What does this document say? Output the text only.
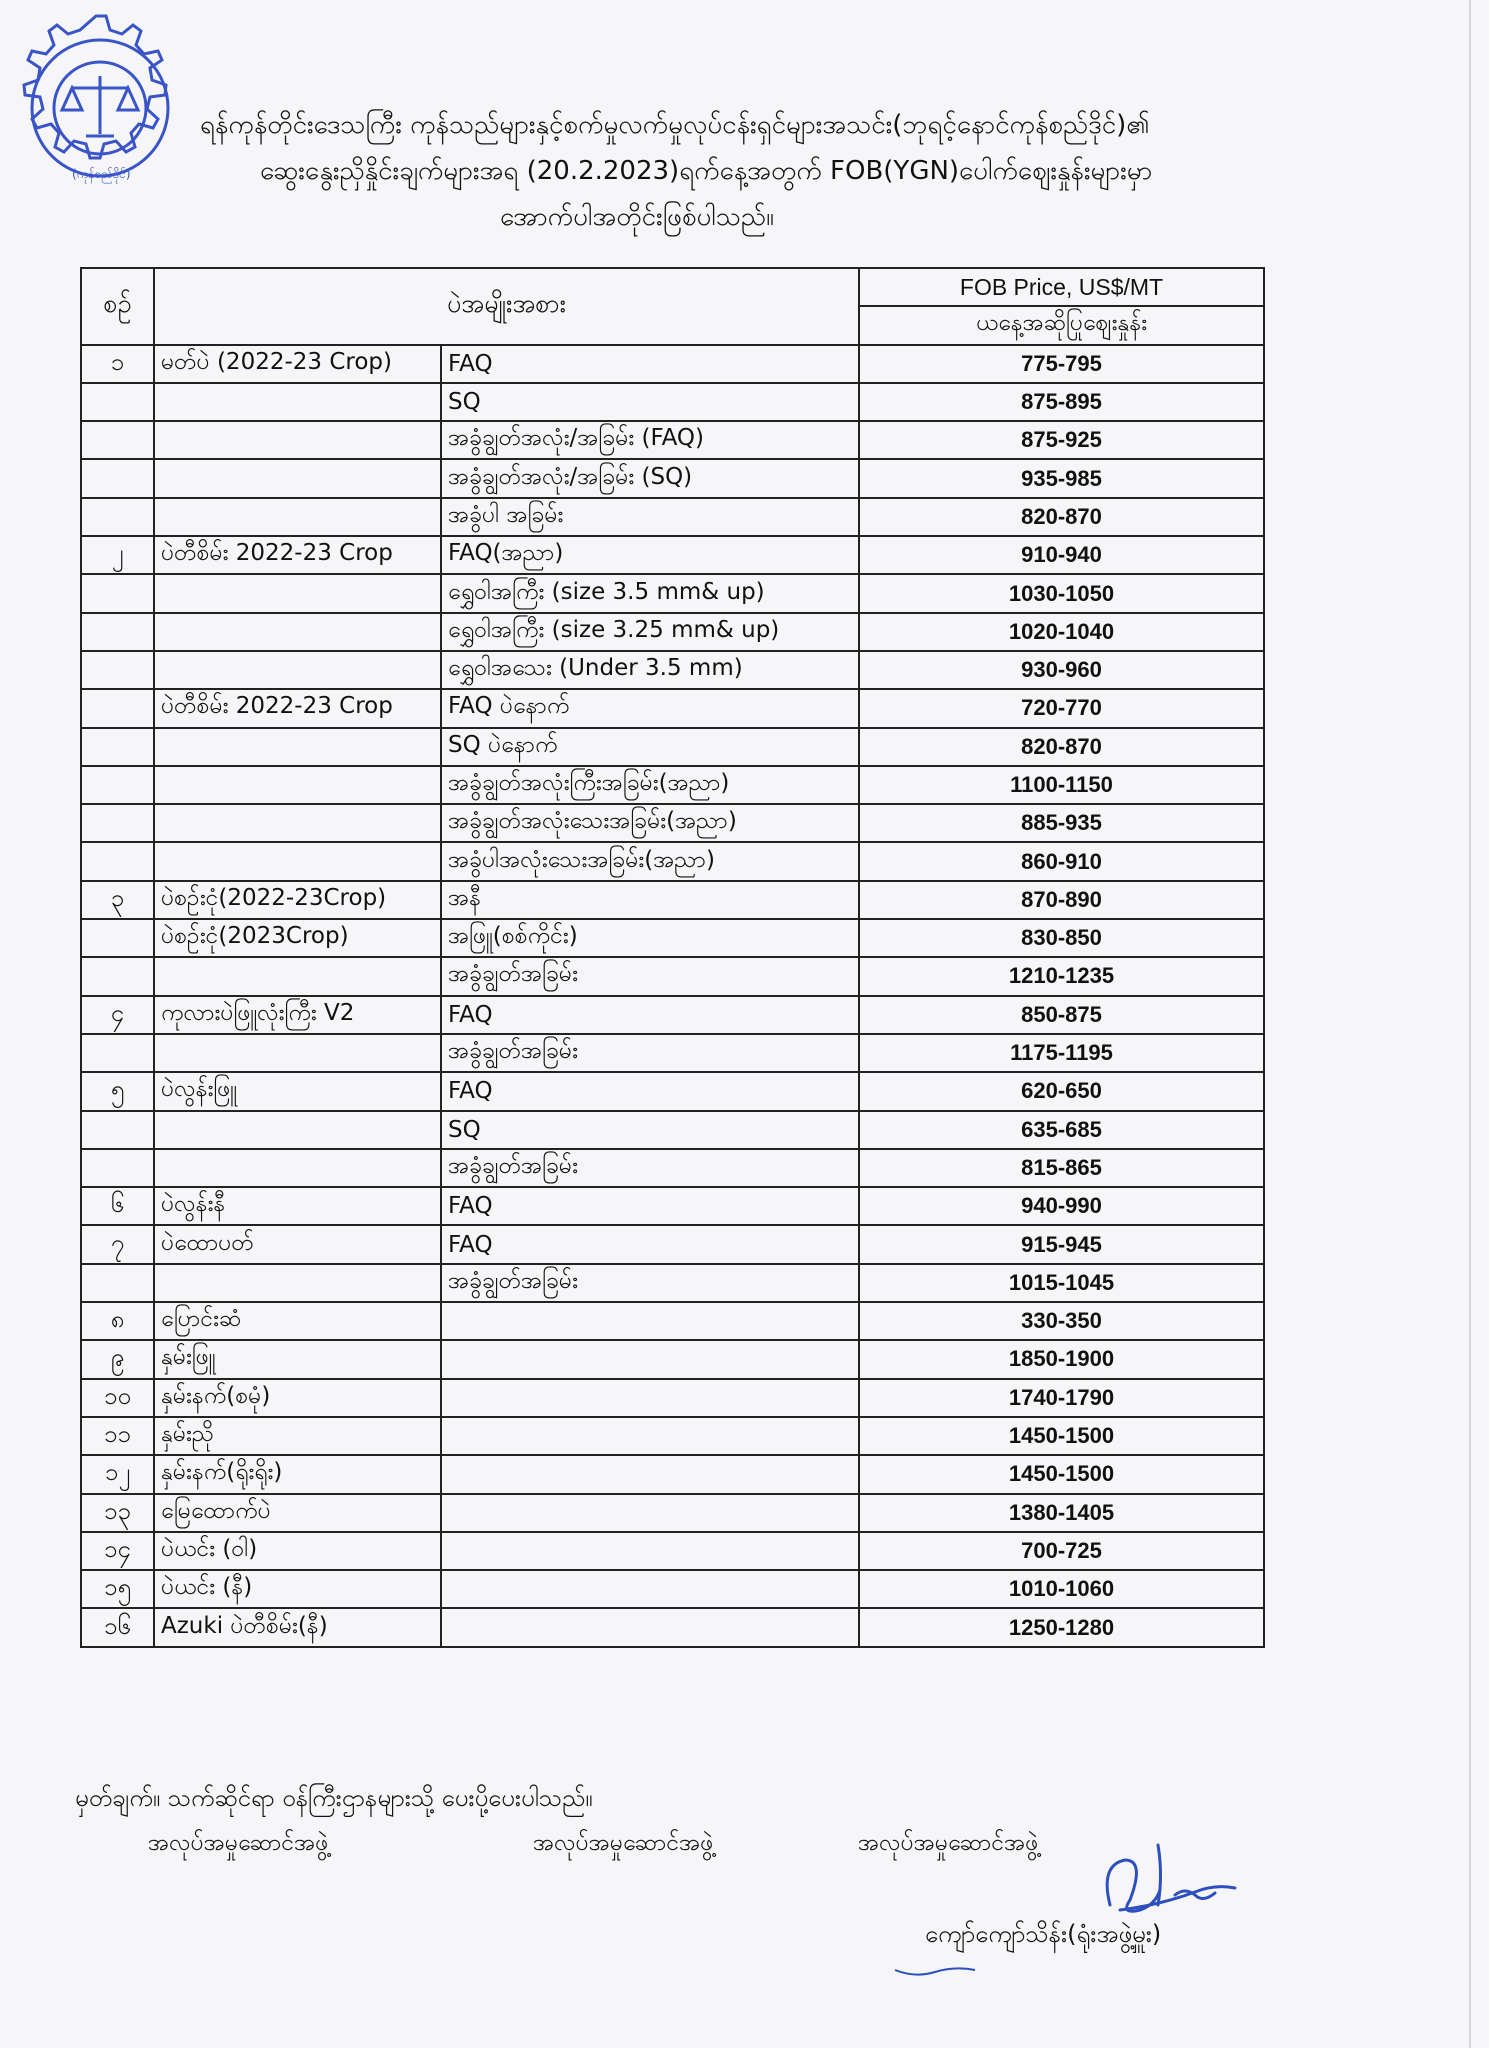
(ကုန်စည်ဒိုင်)
ရန်ကုန်တိုင်းဒေသကြီး ကုန်သည်များနှင့်စက်မှုလက်မှုလုပ်ငန်းရှင်များအသင်း(ဘုရင့်နောင်ကုန်စည်ဒိုင်)၏
ဆွေးနွေးညှိနှိုင်းချက်များအရ (20.2.2023)ရက်နေ့အတွက် FOB(YGN)ပေါက်ဈေးနှုန်းများမှာ
အောက်ပါအတိုင်းဖြစ်ပါသည်။
စဉ်	ပဲအမျိုးအစား		FOB Price, US$/MT
			ယနေ့အဆိုပြုဈေးနှုန်း
၁	မတ်ပဲ (2022-23 Crop)	FAQ	775-795
		SQ	875-895
		အခွံချွတ်အလုံး/အခြမ်း (FAQ)	875-925
		အခွံချွတ်အလုံး/အခြမ်း (SQ)	935-985
		အခွံပါ အခြမ်း	820-870
၂	ပဲတီစိမ်း 2022-23 Crop	FAQ(အညာ)	910-940
		ရွှေဝါအကြီး (size 3.5 mm& up)	1030-1050
		ရွှေဝါအကြီး (size 3.25 mm& up)	1020-1040
		ရွှေဝါအသေး (Under 3.5 mm)	930-960
	ပဲတီစိမ်း 2022-23 Crop	FAQ ပဲနောက်	720-770
		SQ ပဲနောက်	820-870
		အခွံချွတ်အလုံးကြီးအခြမ်း(အညာ)	1100-1150
		အခွံချွတ်အလုံးသေးအခြမ်း(အညာ)	885-935
		အခွံပါအလုံးသေးအခြမ်း(အညာ)	860-910
၃	ပဲစဉ်းငုံ(2022-23Crop)	အနီ	870-890
	ပဲစဉ်းငုံ(2023Crop)	အဖြူ(စစ်ကိုင်း)	830-850
		အခွံချွတ်အခြမ်း	1210-1235
၄	ကုလားပဲဖြူလုံးကြီး V2	FAQ	850-875
		အခွံချွတ်အခြမ်း	1175-1195
၅	ပဲလွန်းဖြူ	FAQ	620-650
		SQ	635-685
		အခွံချွတ်အခြမ်း	815-865
၆	ပဲလွန်းနီ	FAQ	940-990
၇	ပဲထောပတ်	FAQ	915-945
		အခွံချွတ်အခြမ်း	1015-1045
၈	ပြောင်းဆံ		330-350
၉	နှမ်းဖြူ		1850-1900
၁၀	နှမ်းနက်(စမုံ)		1740-1790
၁၁	နှမ်းညို		1450-1500
၁၂	နှမ်းနက်(ရိုးရိုး)		1450-1500
၁၃	မြေထောက်ပဲ		1380-1405
၁၄	ပဲယင်း (ဝါ)		700-725
၁၅	ပဲယင်း (နီ)		1010-1060
၁၆	Azuki ပဲတီစိမ်း(နီ)		1250-1280
မှတ်ချက်။ သက်ဆိုင်ရာ ဝန်ကြီးဌာနများသို့ ပေးပို့ပေးပါသည်။
အလုပ်အမှုဆောင်အဖွဲ့	အလုပ်အမှုဆောင်အဖွဲ့	အလုပ်အမှုဆောင်အဖွဲ့
ကျော်ကျော်သိန်း(ရုံးအဖွဲ့မှူး)
